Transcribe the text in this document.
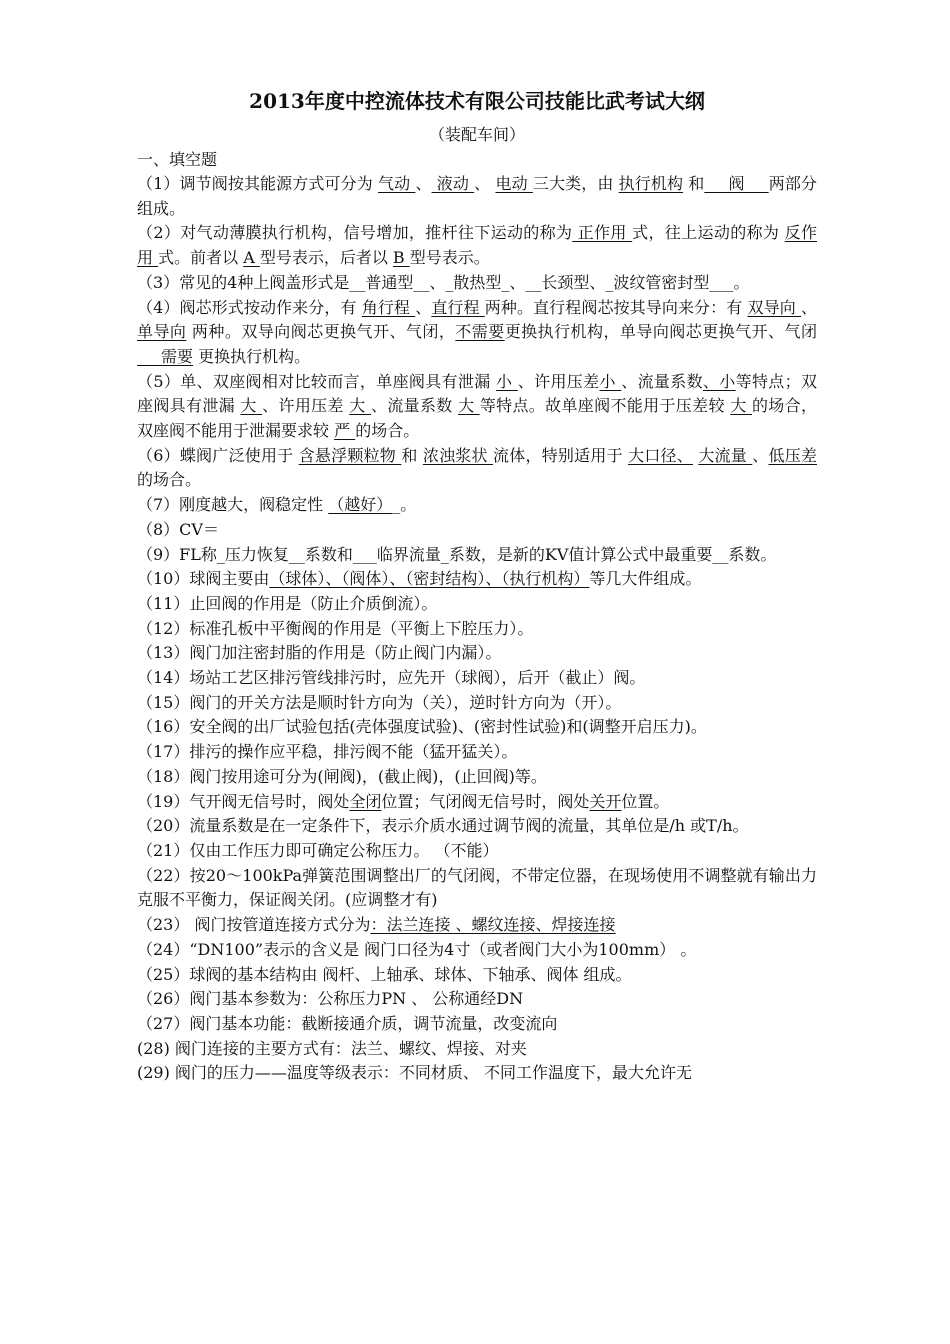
2013年度中控流体技术有限公司技能比武考试大纲
（装配车间）
一、填空题

（1）调节阀按其能源方式可分为 气动 、 液动 、 电动 三大类，由 执行机构 和___阀___两部分组成。

（2）对气动薄膜执行机构，信号增加，推杆往下运动的称为 正作用 式，往上运动的称为 反作用 式。前者以 A 型号表示，后者以 B 型号表示。

（3）常见的4种上阀盖形式是__普通型__、_散热型_、__长颈型、_波纹管密封型___。

（4）阀芯形式按动作来分，有 角行程 、直行程 两种。直行程阀芯按其导向来分：有 双导向 、单导向 两种。双导向阀芯更换气开、气闭，不需要更换执行机构，单导向阀芯更换气开、气闭___需要 更换执行机构。

（5）单、双座阀相对比较而言，单座阀具有泄漏 小 、许用压差小 、流量系数、小等特点；双座阀具有泄漏 大 、许用压差 大 、流量系数 大 等特点。故单座阀不能用于压差较 大 的场合，双座阀不能用于泄漏要求较 严 的场合。

（6）蝶阀广泛使用于 含悬浮颗粒物 和 浓浊浆状 流体，特别适用于 大口径、 大流量 、低压差 的场合。

（7）刚度越大，阀稳定性 （越好）_。

（8）CV＝

（9）FL称_压力恢复__系数和___临界流量_系数，是新的KV值计算公式中最重要__系数。

（10）球阀主要由（球体）、（阀体）、（密封结构）、（执行机构）等几大件组成。

（11）止回阀的作用是（防止介质倒流）。

（12）标准孔板中平衡阀的作用是（平衡上下腔压力）。

（13）阀门加注密封脂的作用是（防止阀门内漏）。

（14）场站工艺区排污管线排污时，应先开（球阀），后开（截止）阀。

（15）阀门的开关方法是顺时针方向为（关），逆时针方向为（开）。

（16）安全阀的出厂试验包括(壳体强度试验)、(密封性试验)和(调整开启压力)。

（17）排污的操作应平稳，排污阀不能（猛开猛关）。

（18）阀门按用途可分为(闸阀)，(截止阀)，(止回阀)等。

（19）气开阀无信号时，阀处全闭位置；气闭阀无信号时，阀处关开位置。

（20）流量系数是在一定条件下，表示介质水通过调节阀的流量，其单位是/h 或T/h。

（21）仅由工作压力即可确定公称压力。 （不能）

（22）按20～100kPa弹簧范围调整出厂的气闭阀，不带定位器，在现场使用不调整就有输出力克服不平衡力，保证阀关闭。(应调整才有)

（23） 阀门按管道连接方式分为：法兰连接 、螺纹连接、焊接连接

（24）“DN100”表示的含义是 阀门口径为4寸（或者阀门大小为100mm） 。

（25）球阀的基本结构由 阀杆、上轴承、球体、下轴承、阀体 组成。

（26）阀门基本参数为：公称压力PN 、 公称通经DN

（27）阀门基本功能：截断接通介质，调节流量，改变流向

(28) 阀门连接的主要方式有：法兰、螺纹、焊接、对夹

(29) 阀门的压力——温度等级表示：不同材质、 不同工作温度下，最大允许无
